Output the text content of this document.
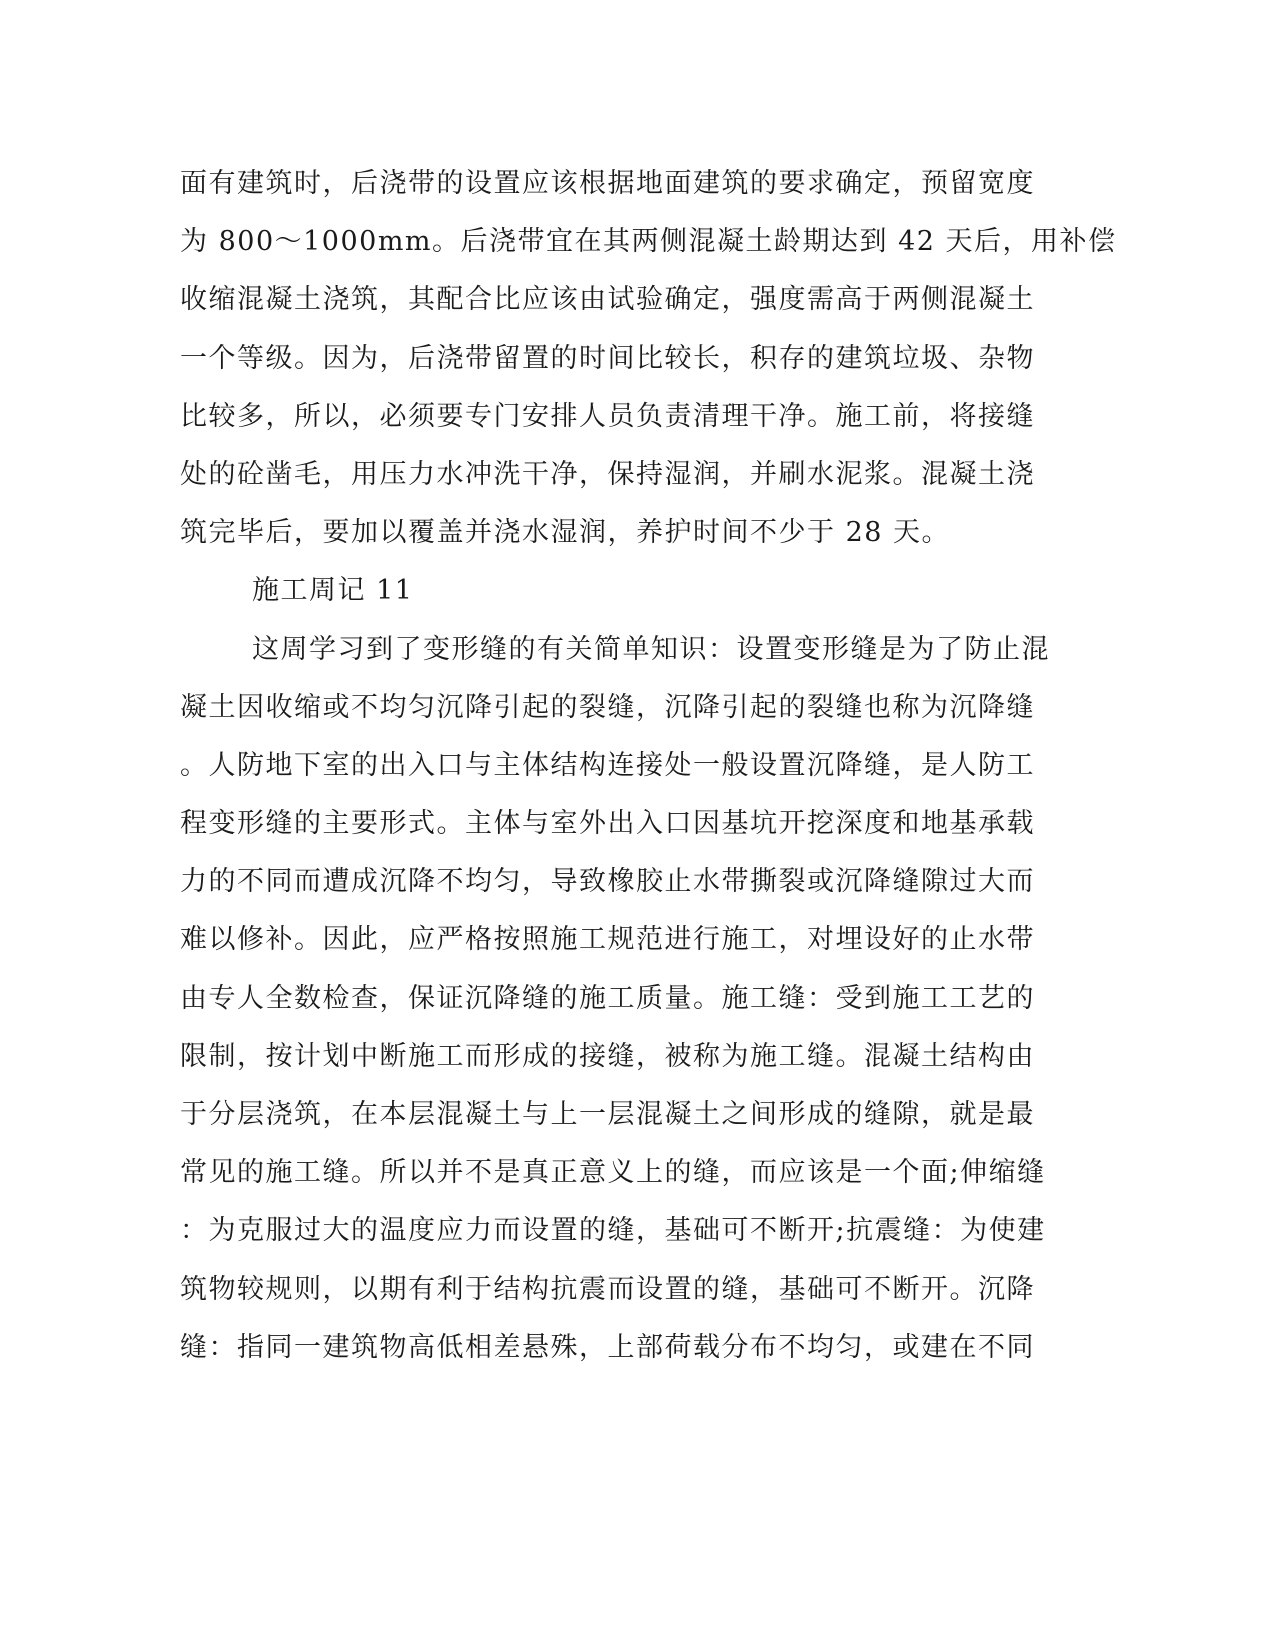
面有建筑时，后浇带的设置应该根据地面建筑的要求确定，预留宽度
为 800～1000mm。后浇带宜在其两侧混凝土龄期达到 42 天后，用补偿
收缩混凝土浇筑，其配合比应该由试验确定，强度需高于两侧混凝土
一个等级。因为，后浇带留置的时间比较长，积存的建筑垃圾、杂物
比较多，所以，必须要专门安排人员负责清理干净。施工前，将接缝
处的砼凿毛，用压力水冲洗干净，保持湿润，并刷水泥浆。混凝土浇
筑完毕后，要加以覆盖并浇水湿润，养护时间不少于 28 天。
施工周记 11
这周学习到了变形缝的有关简单知识：设置变形缝是为了防止混
凝土因收缩或不均匀沉降引起的裂缝，沉降引起的裂缝也称为沉降缝
。人防地下室的出入口与主体结构连接处一般设置沉降缝，是人防工
程变形缝的主要形式。主体与室外出入口因基坑开挖深度和地基承载
力的不同而遭成沉降不均匀，导致橡胶止水带撕裂或沉降缝隙过大而
难以修补。因此，应严格按照施工规范进行施工，对埋设好的止水带
由专人全数检查，保证沉降缝的施工质量。施工缝：受到施工工艺的
限制，按计划中断施工而形成的接缝，被称为施工缝。混凝土结构由
于分层浇筑，在本层混凝土与上一层混凝土之间形成的缝隙，就是最
常见的施工缝。所以并不是真正意义上的缝，而应该是一个面;伸缩缝
：为克服过大的温度应力而设置的缝，基础可不断开;抗震缝：为使建
筑物较规则，以期有利于结构抗震而设置的缝，基础可不断开。沉降
缝：指同一建筑物高低相差悬殊，上部荷载分布不均匀，或建在不同
